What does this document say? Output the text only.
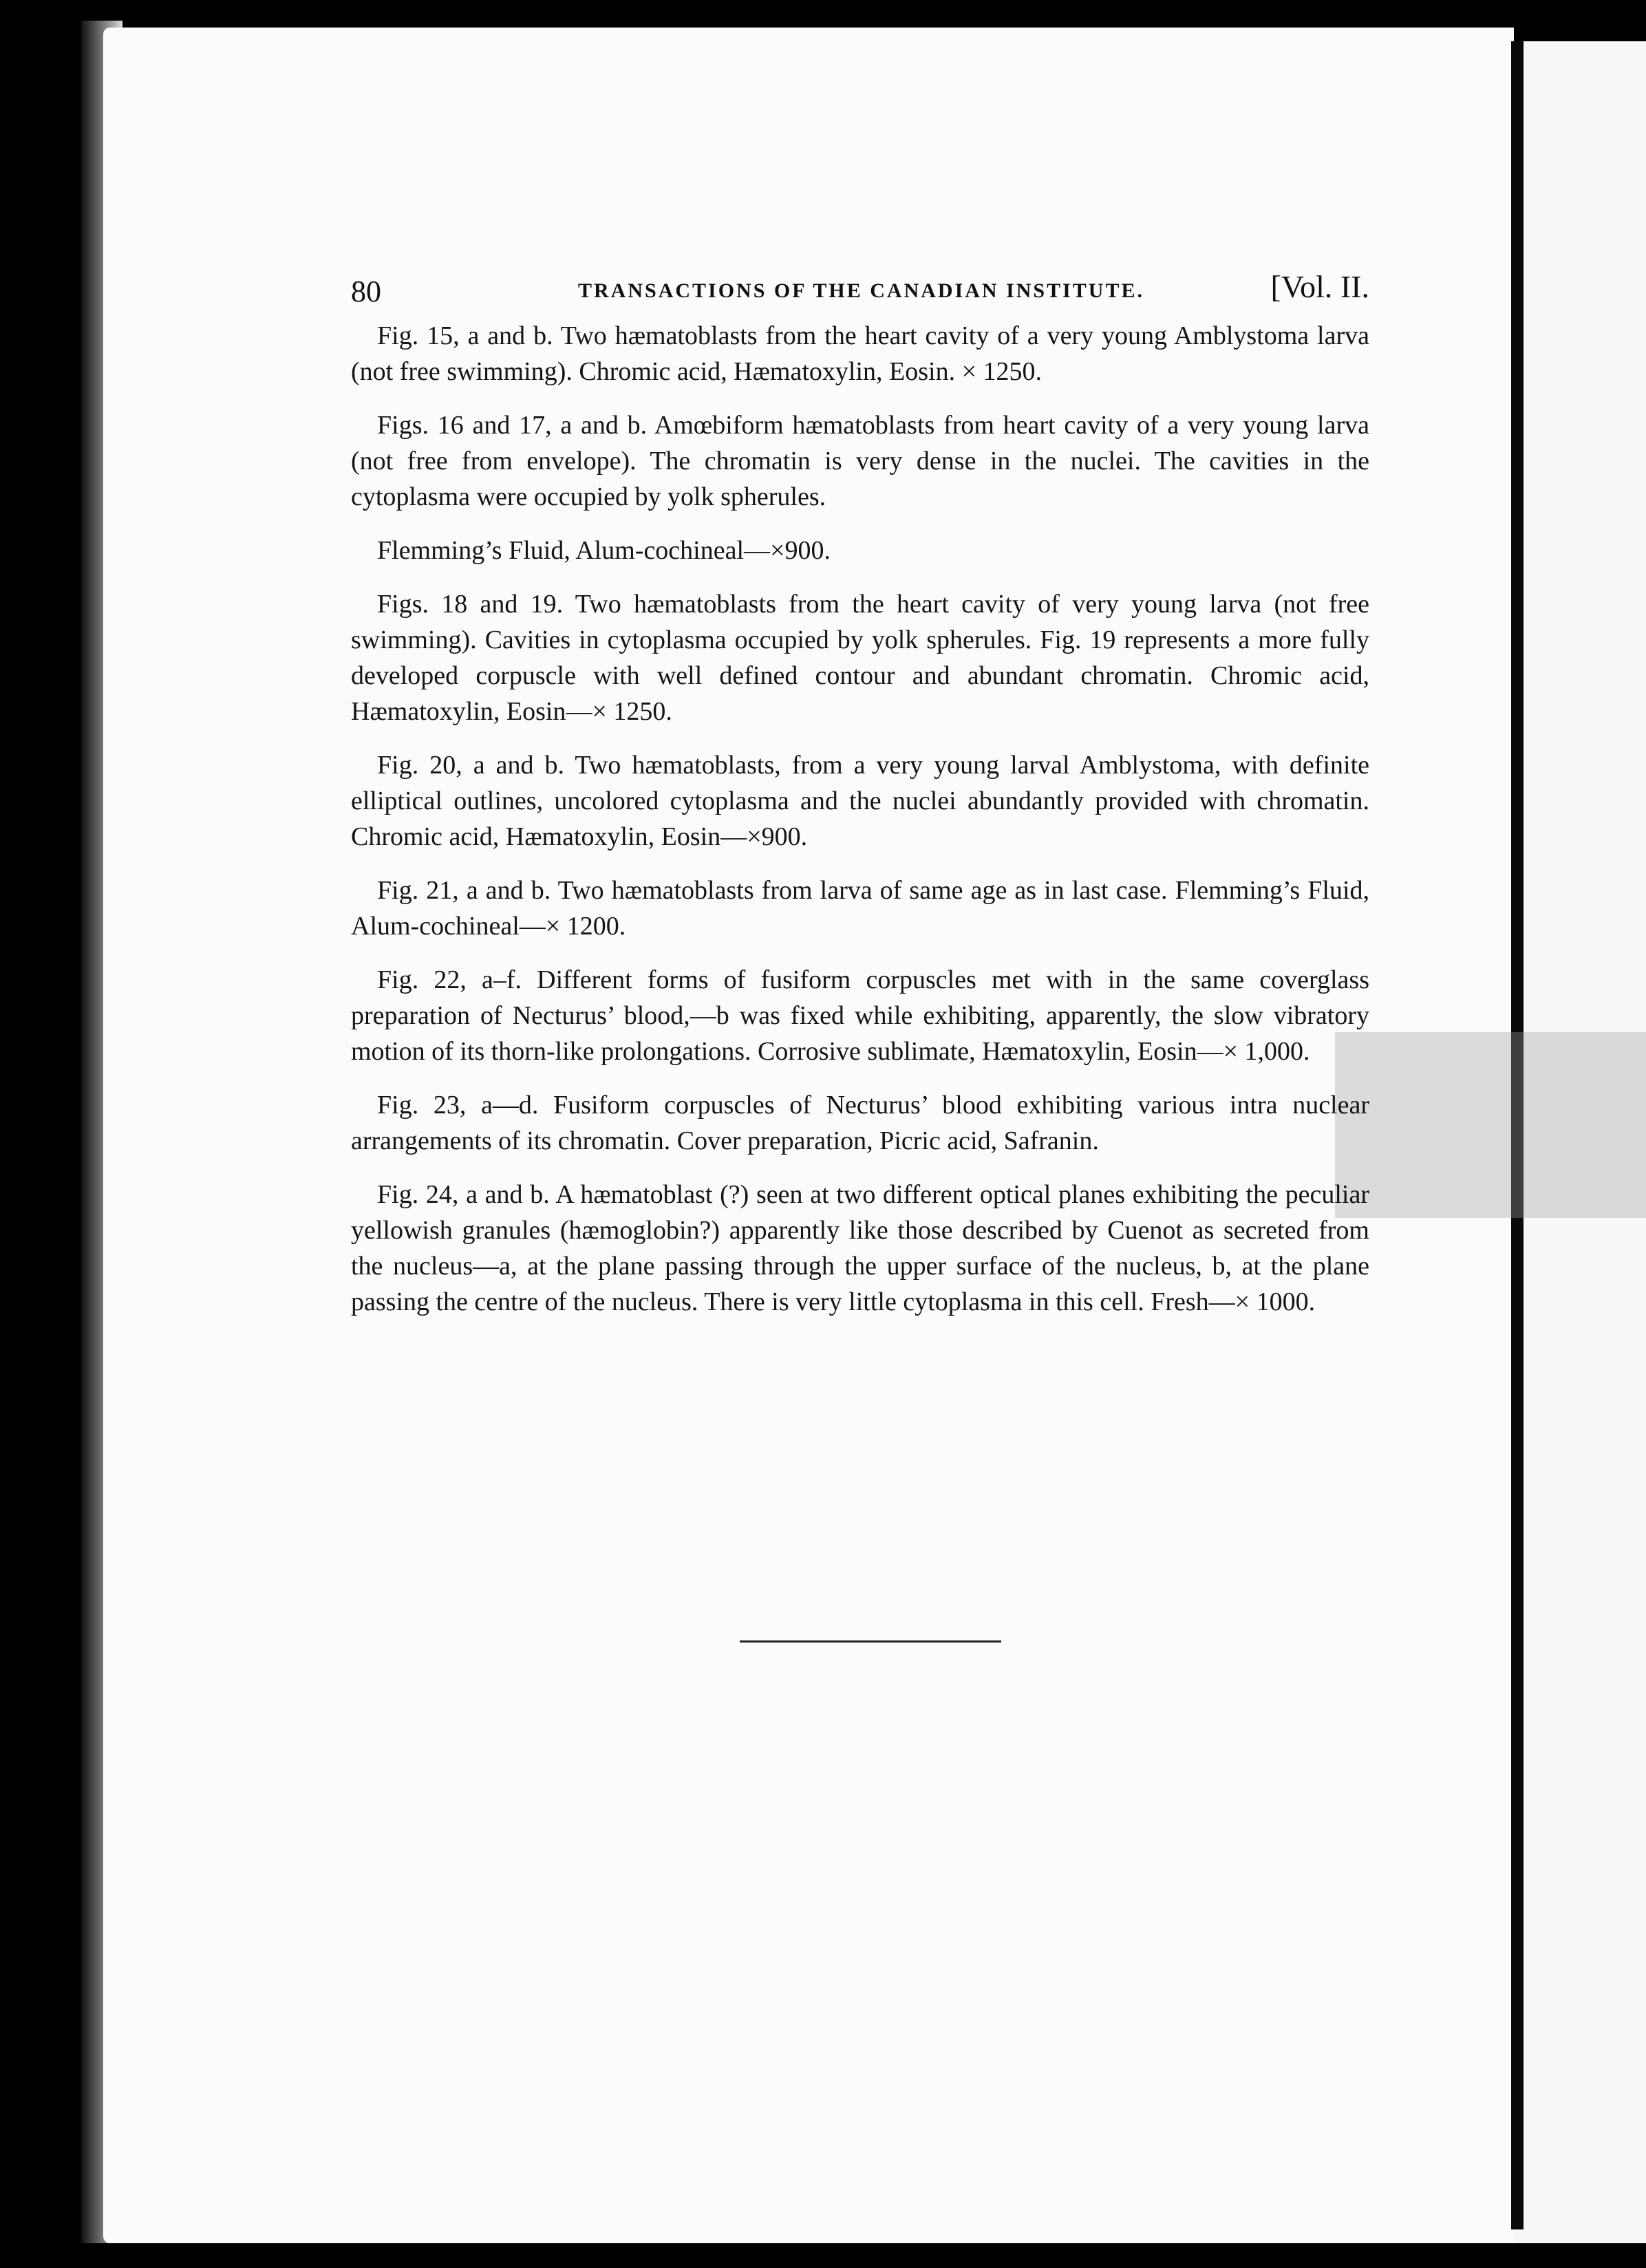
80	TRANSACTIONS OF THE CANADIAN INSTITUTE.	[Vol. II.

Fig. 15, a and b. Two hæmatoblasts from the heart cavity of a very young Amblystoma larva (not free swimming). Chromic acid, Hæmatoxylin, Eosin. × 1250.

Figs. 16 and 17, a and b. Amœbiform hæmatoblasts from heart cavity of a very young larva (not free from envelope). The chromatin is very dense in the nuclei. The cavities in the cytoplasma were occupied by yolk spherules.

Flemming’s Fluid, Alum-cochineal—×900.

Figs. 18 and 19. Two hæmatoblasts from the heart cavity of very young larva (not free swimming). Cavities in cytoplasma occupied by yolk spherules. Fig. 19 represents a more fully developed corpuscle with well defined contour and abundant chromatin. Chromic acid, Hæmatoxylin, Eosin—× 1250.

Fig. 20, a and b. Two hæmatoblasts, from a very young larval Amblystoma, with definite elliptical outlines, uncolored cytoplasma and the nuclei abundantly provided with chromatin. Chromic acid, Hæmatoxylin, Eosin—×900.

Fig. 21, a and b. Two hæmatoblasts from larva of same age as in last case. Flemming’s Fluid, Alum-cochineal—× 1200.

Fig. 22, a–f. Different forms of fusiform corpuscles met with in the same coverglass preparation of Necturus’ blood,—b was fixed while exhibiting, apparently, the slow vibratory motion of its thorn-like prolongations. Corrosive sublimate, Hæmatoxylin, Eosin—× 1,000.

Fig. 23, a—d. Fusiform corpuscles of Necturus’ blood exhibiting various intra nuclear arrangements of its chromatin. Cover preparation, Picric acid, Safranin.

Fig. 24, a and b. A hæmatoblast (?) seen at two different optical planes exhibiting the peculiar yellowish granules (hæmoglobin?) apparently like those described by Cuenot as secreted from the nucleus—a, at the plane passing through the upper surface of the nucleus, b, at the plane passing the centre of the nucleus. There is very little cytoplasma in this cell. Fresh—× 1000.
